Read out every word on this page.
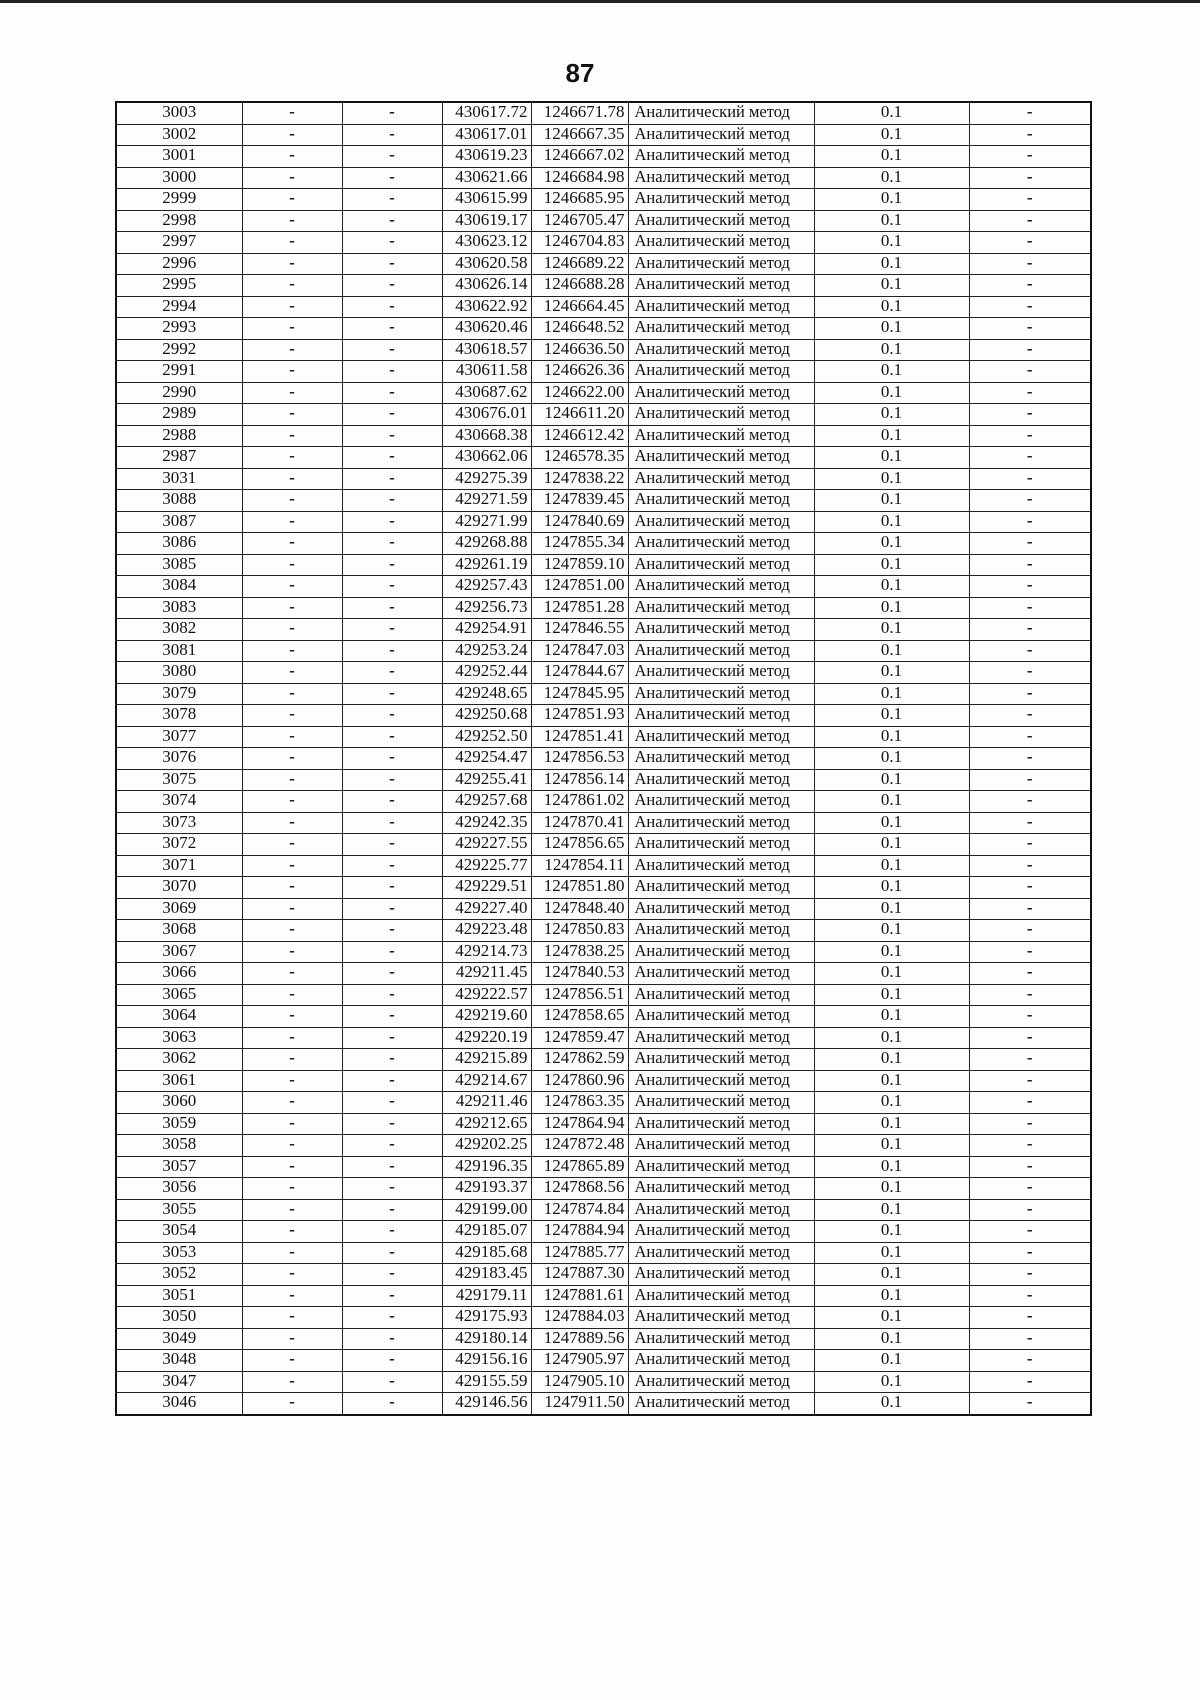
87
3003	-	-	430617.72	1246671.78	Аналитический метод	0.1	-
3002	-	-	430617.01	1246667.35	Аналитический метод	0.1	-
3001	-	-	430619.23	1246667.02	Аналитический метод	0.1	-
3000	-	-	430621.66	1246684.98	Аналитический метод	0.1	-
2999	-	-	430615.99	1246685.95	Аналитический метод	0.1	-
2998	-	-	430619.17	1246705.47	Аналитический метод	0.1	-
2997	-	-	430623.12	1246704.83	Аналитический метод	0.1	-
2996	-	-	430620.58	1246689.22	Аналитический метод	0.1	-
2995	-	-	430626.14	1246688.28	Аналитический метод	0.1	-
2994	-	-	430622.92	1246664.45	Аналитический метод	0.1	-
2993	-	-	430620.46	1246648.52	Аналитический метод	0.1	-
2992	-	-	430618.57	1246636.50	Аналитический метод	0.1	-
2991	-	-	430611.58	1246626.36	Аналитический метод	0.1	-
2990	-	-	430687.62	1246622.00	Аналитический метод	0.1	-
2989	-	-	430676.01	1246611.20	Аналитический метод	0.1	-
2988	-	-	430668.38	1246612.42	Аналитический метод	0.1	-
2987	-	-	430662.06	1246578.35	Аналитический метод	0.1	-
3031	-	-	429275.39	1247838.22	Аналитический метод	0.1	-
3088	-	-	429271.59	1247839.45	Аналитический метод	0.1	-
3087	-	-	429271.99	1247840.69	Аналитический метод	0.1	-
3086	-	-	429268.88	1247855.34	Аналитический метод	0.1	-
3085	-	-	429261.19	1247859.10	Аналитический метод	0.1	-
3084	-	-	429257.43	1247851.00	Аналитический метод	0.1	-
3083	-	-	429256.73	1247851.28	Аналитический метод	0.1	-
3082	-	-	429254.91	1247846.55	Аналитический метод	0.1	-
3081	-	-	429253.24	1247847.03	Аналитический метод	0.1	-
3080	-	-	429252.44	1247844.67	Аналитический метод	0.1	-
3079	-	-	429248.65	1247845.95	Аналитический метод	0.1	-
3078	-	-	429250.68	1247851.93	Аналитический метод	0.1	-
3077	-	-	429252.50	1247851.41	Аналитический метод	0.1	-
3076	-	-	429254.47	1247856.53	Аналитический метод	0.1	-
3075	-	-	429255.41	1247856.14	Аналитический метод	0.1	-
3074	-	-	429257.68	1247861.02	Аналитический метод	0.1	-
3073	-	-	429242.35	1247870.41	Аналитический метод	0.1	-
3072	-	-	429227.55	1247856.65	Аналитический метод	0.1	-
3071	-	-	429225.77	1247854.11	Аналитический метод	0.1	-
3070	-	-	429229.51	1247851.80	Аналитический метод	0.1	-
3069	-	-	429227.40	1247848.40	Аналитический метод	0.1	-
3068	-	-	429223.48	1247850.83	Аналитический метод	0.1	-
3067	-	-	429214.73	1247838.25	Аналитический метод	0.1	-
3066	-	-	429211.45	1247840.53	Аналитический метод	0.1	-
3065	-	-	429222.57	1247856.51	Аналитический метод	0.1	-
3064	-	-	429219.60	1247858.65	Аналитический метод	0.1	-
3063	-	-	429220.19	1247859.47	Аналитический метод	0.1	-
3062	-	-	429215.89	1247862.59	Аналитический метод	0.1	-
3061	-	-	429214.67	1247860.96	Аналитический метод	0.1	-
3060	-	-	429211.46	1247863.35	Аналитический метод	0.1	-
3059	-	-	429212.65	1247864.94	Аналитический метод	0.1	-
3058	-	-	429202.25	1247872.48	Аналитический метод	0.1	-
3057	-	-	429196.35	1247865.89	Аналитический метод	0.1	-
3056	-	-	429193.37	1247868.56	Аналитический метод	0.1	-
3055	-	-	429199.00	1247874.84	Аналитический метод	0.1	-
3054	-	-	429185.07	1247884.94	Аналитический метод	0.1	-
3053	-	-	429185.68	1247885.77	Аналитический метод	0.1	-
3052	-	-	429183.45	1247887.30	Аналитический метод	0.1	-
3051	-	-	429179.11	1247881.61	Аналитический метод	0.1	-
3050	-	-	429175.93	1247884.03	Аналитический метод	0.1	-
3049	-	-	429180.14	1247889.56	Аналитический метод	0.1	-
3048	-	-	429156.16	1247905.97	Аналитический метод	0.1	-
3047	-	-	429155.59	1247905.10	Аналитический метод	0.1	-
3046	-	-	429146.56	1247911.50	Аналитический метод	0.1	-
